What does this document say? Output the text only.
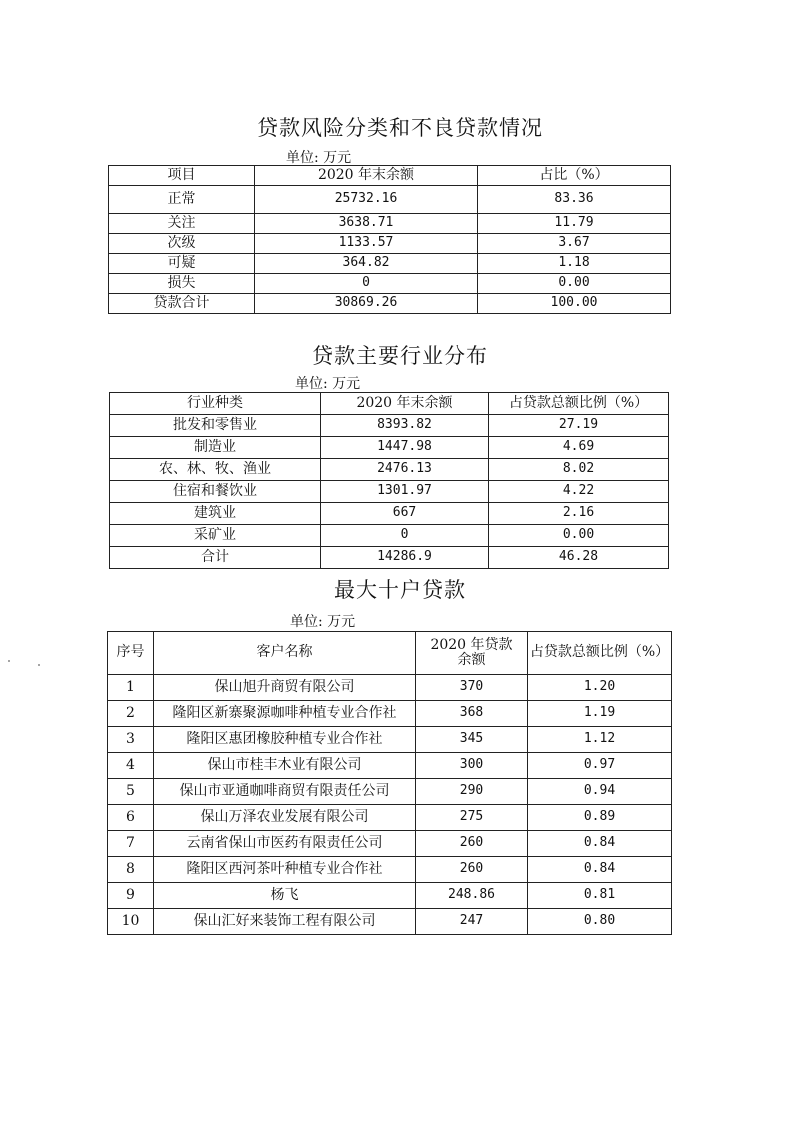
贷款风险分类和不良贷款情况
单位: 万元
项目	2020 年末余额	占比（%）
正常	25732.16	83.36
关注	3638.71	11.79
次级	1133.57	3.67
可疑	364.82	1.18
损失	0	0.00
贷款合计	30869.26	100.00
贷款主要行业分布
单位: 万元
行业种类	2020 年末余额	占贷款总额比例（%）
批发和零售业	8393.82	27.19
制造业	1447.98	4.69
农、林、牧、渔业	2476.13	8.02
住宿和餐饮业	1301.97	4.22
建筑业	667	2.16
采矿业	0	0.00
合计	14286.9	46.28
最大十户贷款
单位: 万元
序号	客户名称	2020 年贷款余额	占贷款总额比例（%）
1	保山旭升商贸有限公司	370	1.20
2	隆阳区新寨聚源咖啡种植专业合作社	368	1.19
3	隆阳区惠团橡胶种植专业合作社	345	1.12
4	保山市桂丰木业有限公司	300	0.97
5	保山市亚通咖啡商贸有限责任公司	290	0.94
6	保山万泽农业发展有限公司	275	0.89
7	云南省保山市医药有限责任公司	260	0.84
8	隆阳区西河茶叶种植专业合作社	260	0.84
9	杨飞	248.86	0.81
10	保山汇好来装饰工程有限公司	247	0.80
